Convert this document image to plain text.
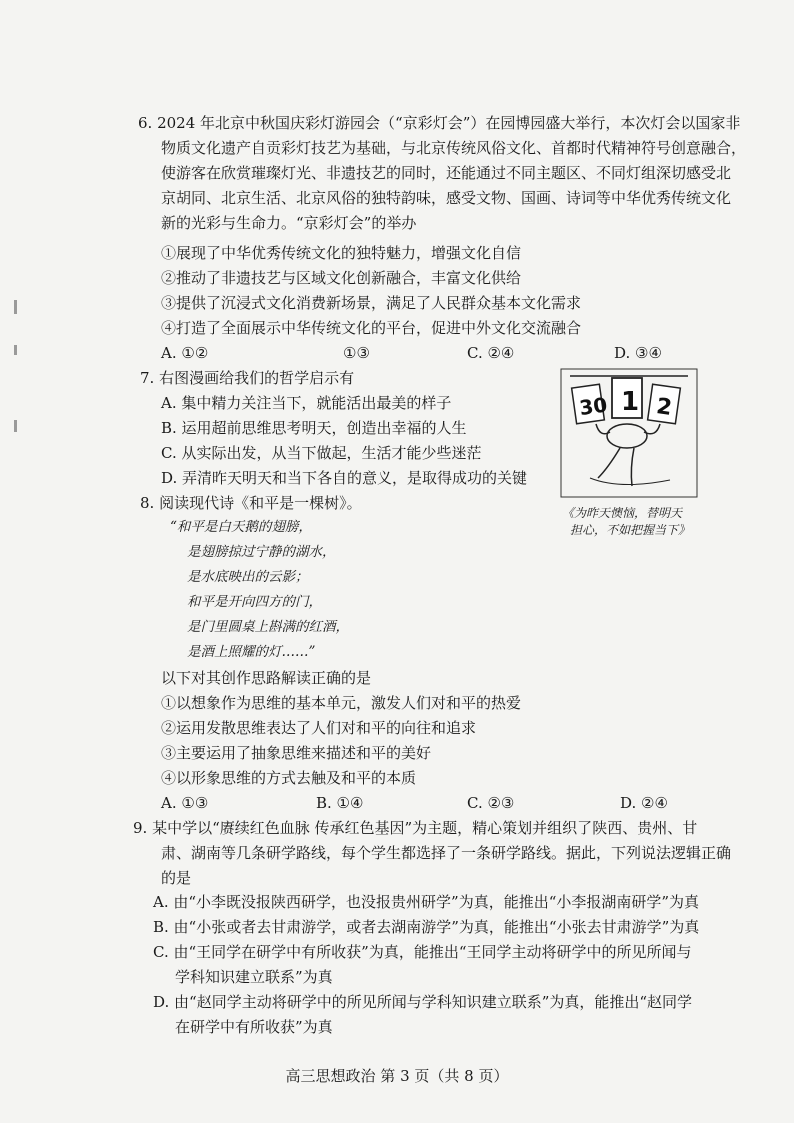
6. 2024 年北京中秋国庆彩灯游园会（“京彩灯会”）在园博园盛大举行，本次灯会以国家非
物质文化遗产自贡彩灯技艺为基础，与北京传统风俗文化、首都时代精神符号创意融合，
使游客在欣赏璀璨灯光、非遗技艺的同时，还能通过不同主题区、不同灯组深切感受北
京胡同、北京生活、北京风俗的独特韵味，感受文物、国画、诗词等中华优秀传统文化
新的光彩与生命力。“京彩灯会”的举办
①展现了中华优秀传统文化的独特魅力，增强文化自信
②推动了非遗技艺与区域文化创新融合，丰富文化供给
③提供了沉浸式文化消费新场景，满足了人民群众基本文化需求
④打造了全面展示中华传统文化的平台，促进中外文化交流融合
A. ①②	①③	C. ②④	D. ③④
7. 右图漫画给我们的哲学启示有
A. 集中精力关注当下，就能活出最美的样子
B. 运用超前思维思考明天，创造出幸福的人生
C. 从实际出发，从当下做起，生活才能少些迷茫
D. 弄清昨天明天和当下各自的意义，是取得成功的关键
30 1 2
《为昨天懊恼，替明天
担心，不如把握当下》
8. 阅读现代诗《和平是一棵树》。
“和平是白天鹅的翅膀，
是翅膀掠过宁静的湖水，
是水底映出的云影；
和平是开向四方的门，
是门里圆桌上斟满的红酒，
是酒上照耀的灯……”
以下对其创作思路解读正确的是
①以想象作为思维的基本单元，激发人们对和平的热爱
②运用发散思维表达了人们对和平的向往和追求
③主要运用了抽象思维来描述和平的美好
④以形象思维的方式去触及和平的本质
A. ①③	B. ①④	C. ②③	D. ②④
9. 某中学以“赓续红色血脉 传承红色基因”为主题，精心策划并组织了陕西、贵州、甘
肃、湖南等几条研学路线，每个学生都选择了一条研学路线。据此，下列说法逻辑正确
的是
A. 由“小李既没报陕西研学，也没报贵州研学”为真，能推出“小李报湖南研学”为真
B. 由“小张或者去甘肃游学，或者去湖南游学”为真，能推出“小张去甘肃游学”为真
C. 由“王同学在研学中有所收获”为真，能推出“王同学主动将研学中的所见所闻与
学科知识建立联系”为真
D. 由“赵同学主动将研学中的所见所闻与学科知识建立联系”为真，能推出“赵同学
在研学中有所收获”为真
高三思想政治 第 3 页（共 8 页）
